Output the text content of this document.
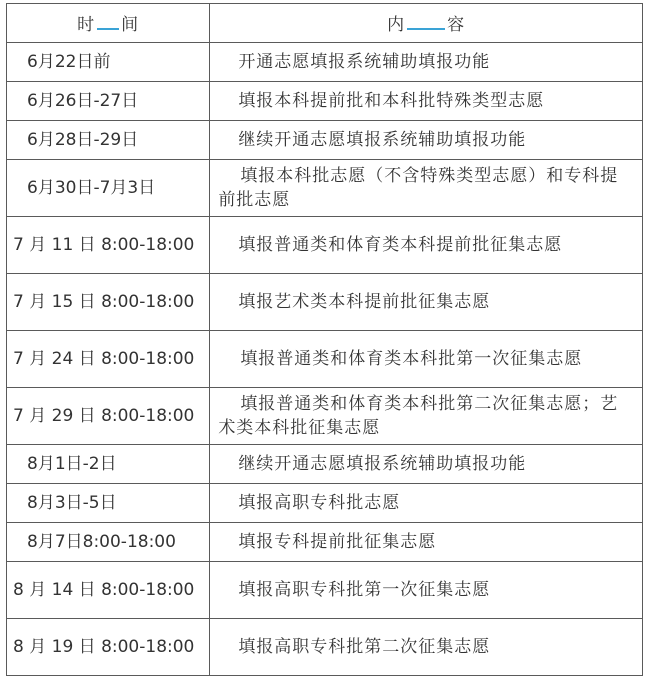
时 间	内 容
6月22日前	开通志愿填报系统辅助填报功能
6月26日-27日	填报本科提前批和本科批特殊类型志愿
6月28日-29日	继续开通志愿填报系统辅助填报功能
6月30日-7月3日	填报本科批志愿（不含特殊类型志愿）和专科提前批志愿
7 月 11 日 8:00-18:00	填报普通类和体育类本科提前批征集志愿
7 月 15 日 8:00-18:00	填报艺术类本科提前批征集志愿
7 月 24 日 8:00-18:00	填报普通类和体育类本科批第一次征集志愿
7 月 29 日 8:00-18:00	填报普通类和体育类本科批第二次征集志愿；艺术类本科批征集志愿
8月1日-2日	继续开通志愿填报系统辅助填报功能
8月3日-5日	填报高职专科批志愿
8月7日8:00-18:00	填报专科提前批征集志愿
8 月 14 日 8:00-18:00	填报高职专科批第一次征集志愿
8 月 19 日 8:00-18:00	填报高职专科批第二次征集志愿
